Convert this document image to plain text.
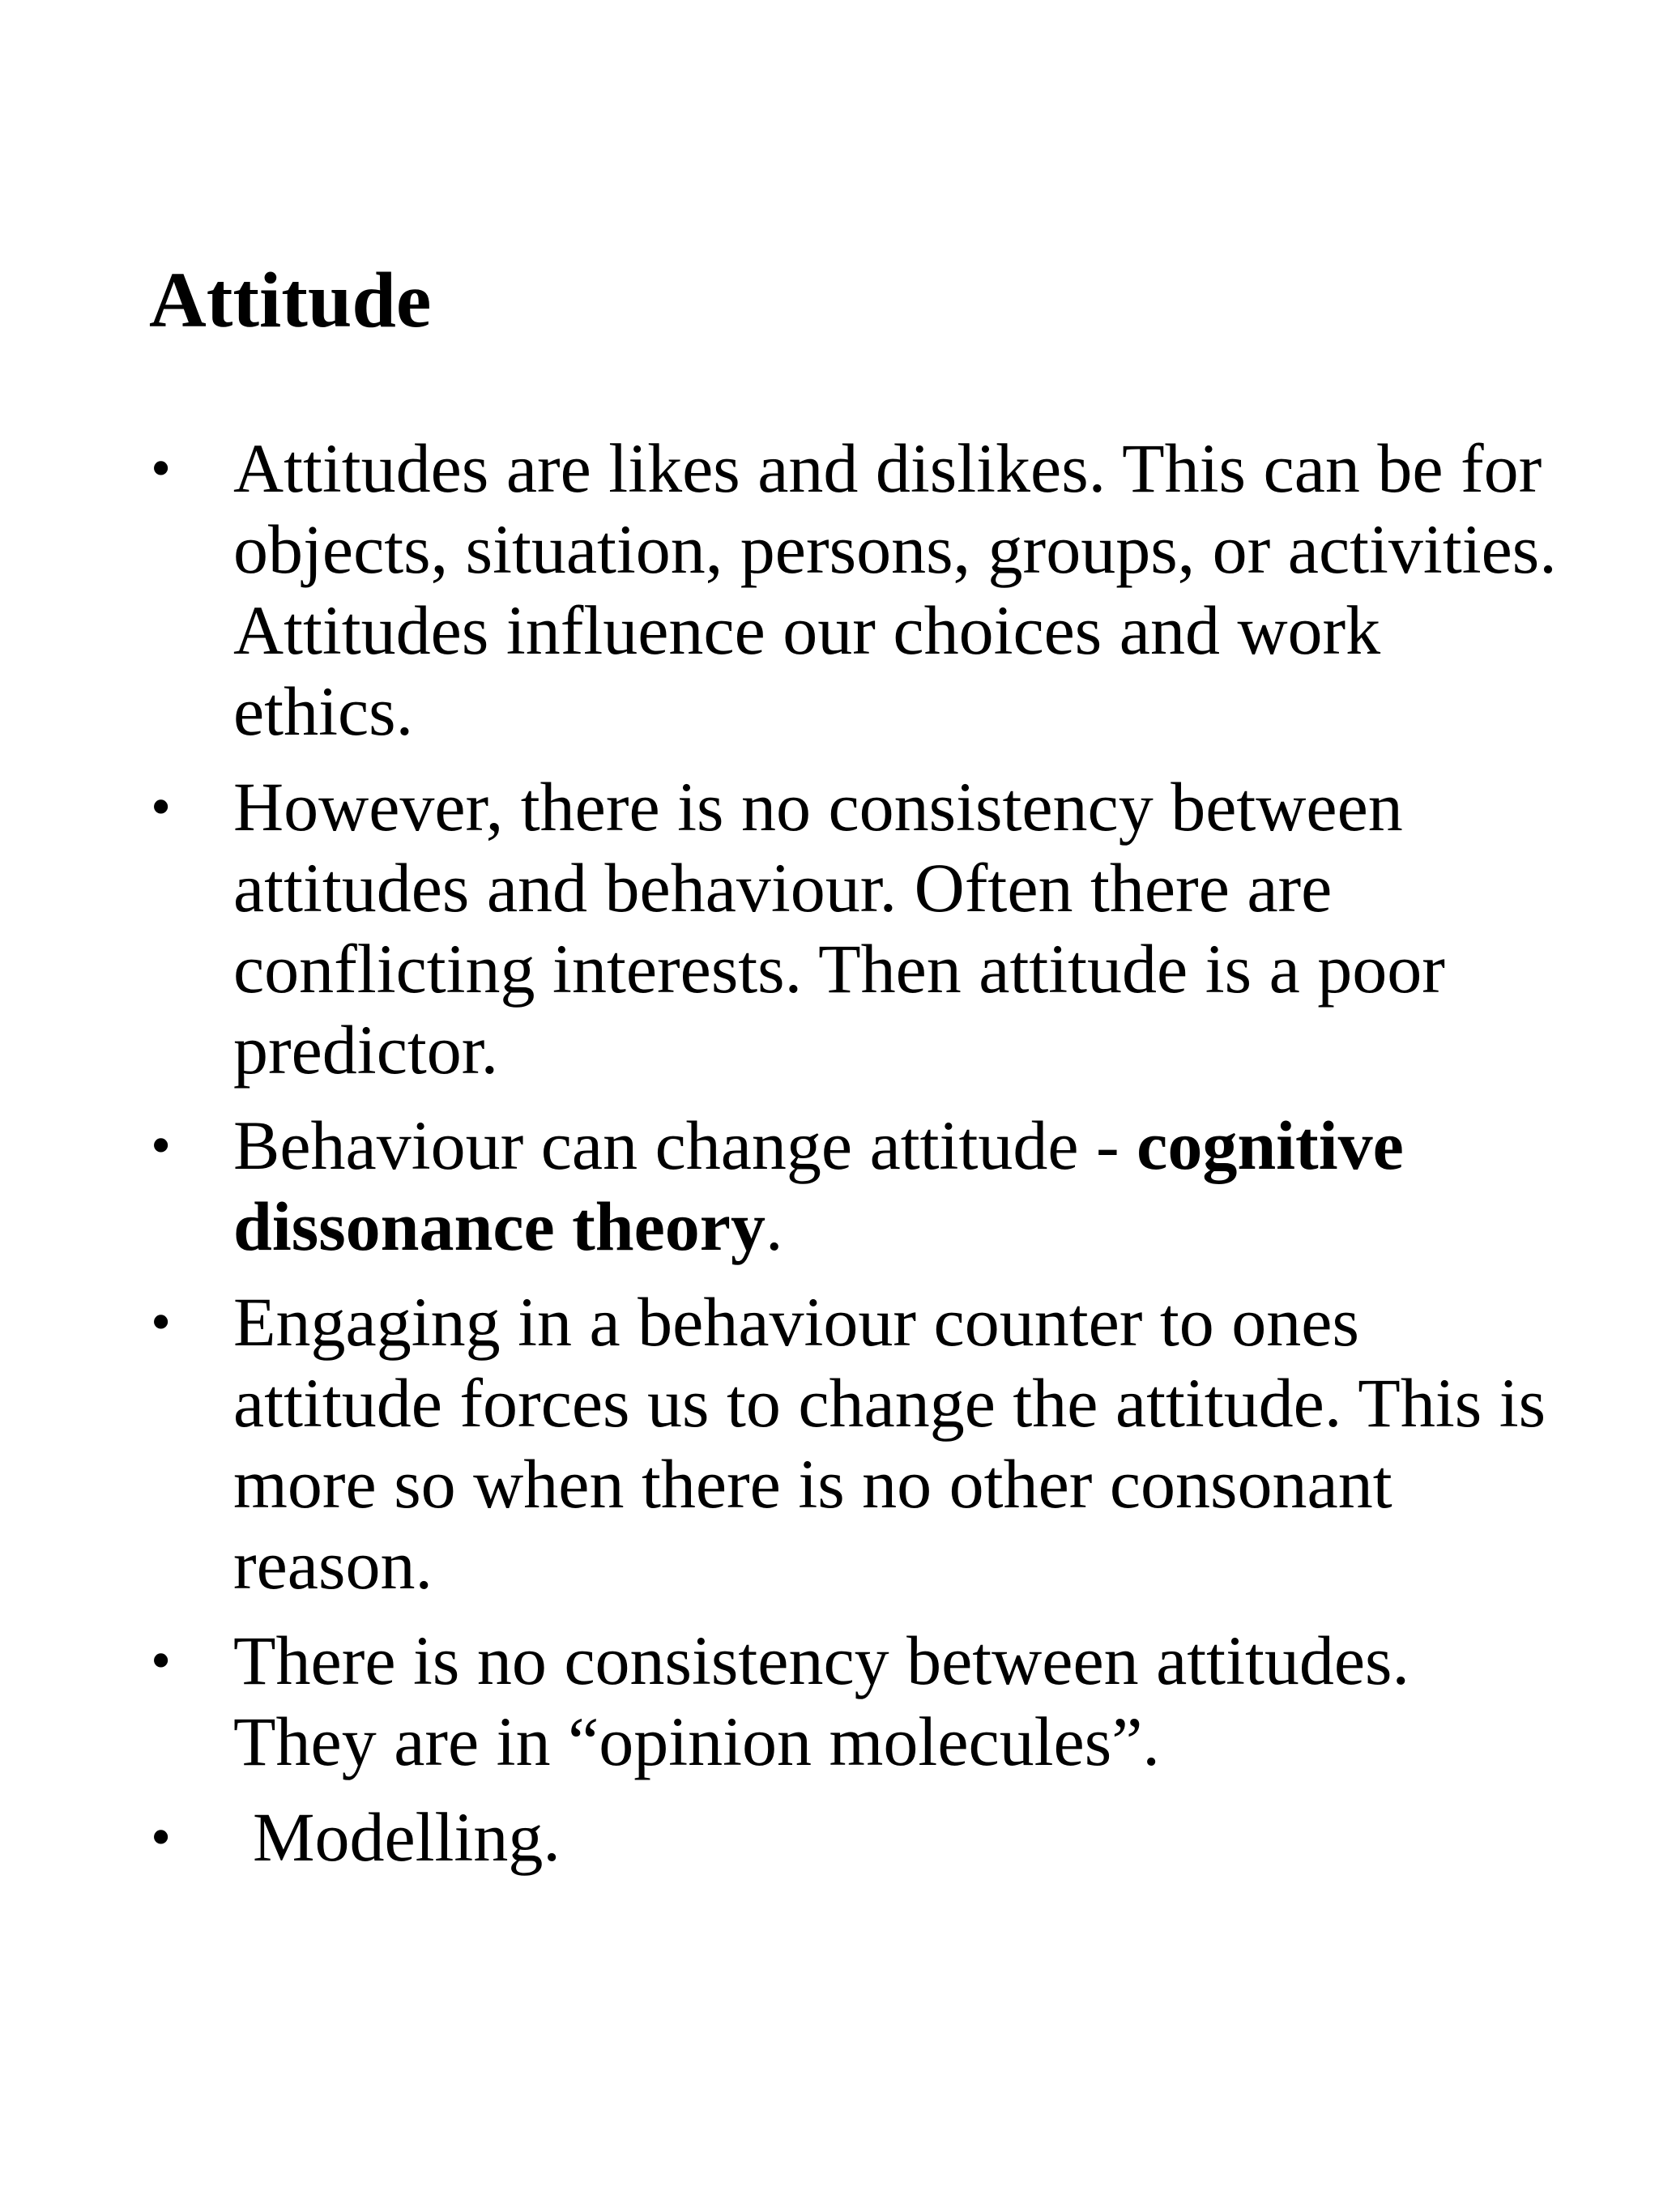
Attitude
• Attitudes are likes and dislikes. This can be for objects, situation, persons, groups, or activities. Attitudes influence our choices and work ethics.
• However, there is no consistency between attitudes and behaviour. Often there are conflicting interests. Then attitude is a poor predictor.
• Behaviour can change attitude - cognitive dissonance theory.
• Engaging in a behaviour counter to ones attitude forces us to change the attitude. This is more so when there is no other consonant reason.
• There is no consistency between attitudes. They are in “opinion molecules”.
• Modelling.
